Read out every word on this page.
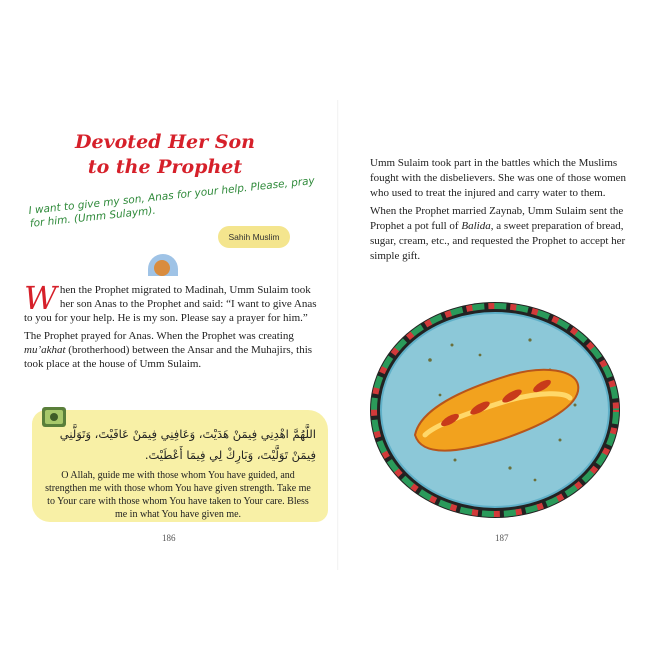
Devoted Her Son
to the Prophet
I want to give my son, Anas for your help. Please, pray for him. (Umm Sulaym).
Sahih Muslim

When the Prophet migrated to Madinah, Umm Sulaim took her son Anas to the Prophet and said: “I want to give Anas to you for your help. He is my son. Please say a prayer for him.”

The Prophet prayed for Anas. When the Prophet was creating mu’akhat (brotherhood) between the Ansar and the Muhajirs, this took place at the house of Umm Sulaim.

اللَّهُمَّ اهْدِنِي فِيمَنْ هَدَيْتَ، وَعَافِنِي فِيمَنْ عَافَيْتَ، وَتَوَلَّنِي
فِيمَنْ تَوَلَّيْتَ، وَبَارِكْ لِي فِيمَا أَعْطَيْتَ.
O Allah, guide me with those whom You have guided, and strengthen me with those whom You have given strength. Take me to Your care with those whom You have taken to Your care. Bless me in what You have given me.
186

Umm Sulaim took part in the battles which the Muslims fought with the disbelievers. She was one of those women who used to treat the injured and carry water to them.

When the Prophet married Zaynab, Umm Sulaim sent the Prophet a pot full of Balida, a sweet preparation of bread, sugar, cream, etc., and requested the Prophet to accept her simple gift.

187
